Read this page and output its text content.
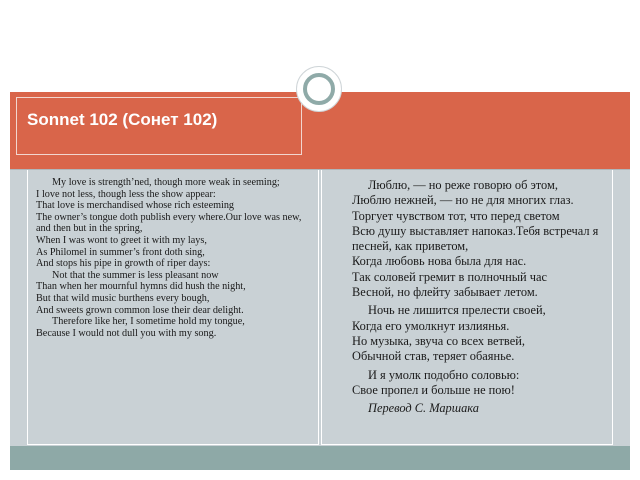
Sonnet 102 (Сонет 102)
My love is strength’ned, though more weak in seeming;
I love not less, though less the show appear:
That love is merchandised whose rich esteeming
The owner’s tongue doth publish every where.Our love was new, and then but in the spring,
When I was wont to greet it with my lays,
As Philomel in summer’s front doth sing,
And stops his pipe in growth of riper days:
Not that the summer is less pleasant now
Than when her mournful hymns did hush the night,
But that wild music burthens every bough,
And sweets grown common lose their dear delight.
Therefore like her, I sometime hold my tongue,
Because I would not dull you with my song.
Люблю, — но реже говорю об этом,
Люблю нежней, — но не для многих глаз.
Торгует чувством тот, что перед светом
Всю душу выставляет напоказ.Тебя встречал я песней, как приветом,
Когда любовь нова была для нас.
Так соловей гремит в полночный час
Весной, но флейту забывает летом.
Ночь не лишится прелести своей,
Когда его умолкнут излиянья.
Но музыка, звуча со всех ветвей,
Обычной став, теряет обаянье.
И я умолк подобно соловью:
Свое пропел и больше не пою!
Перевод С. Маршака
